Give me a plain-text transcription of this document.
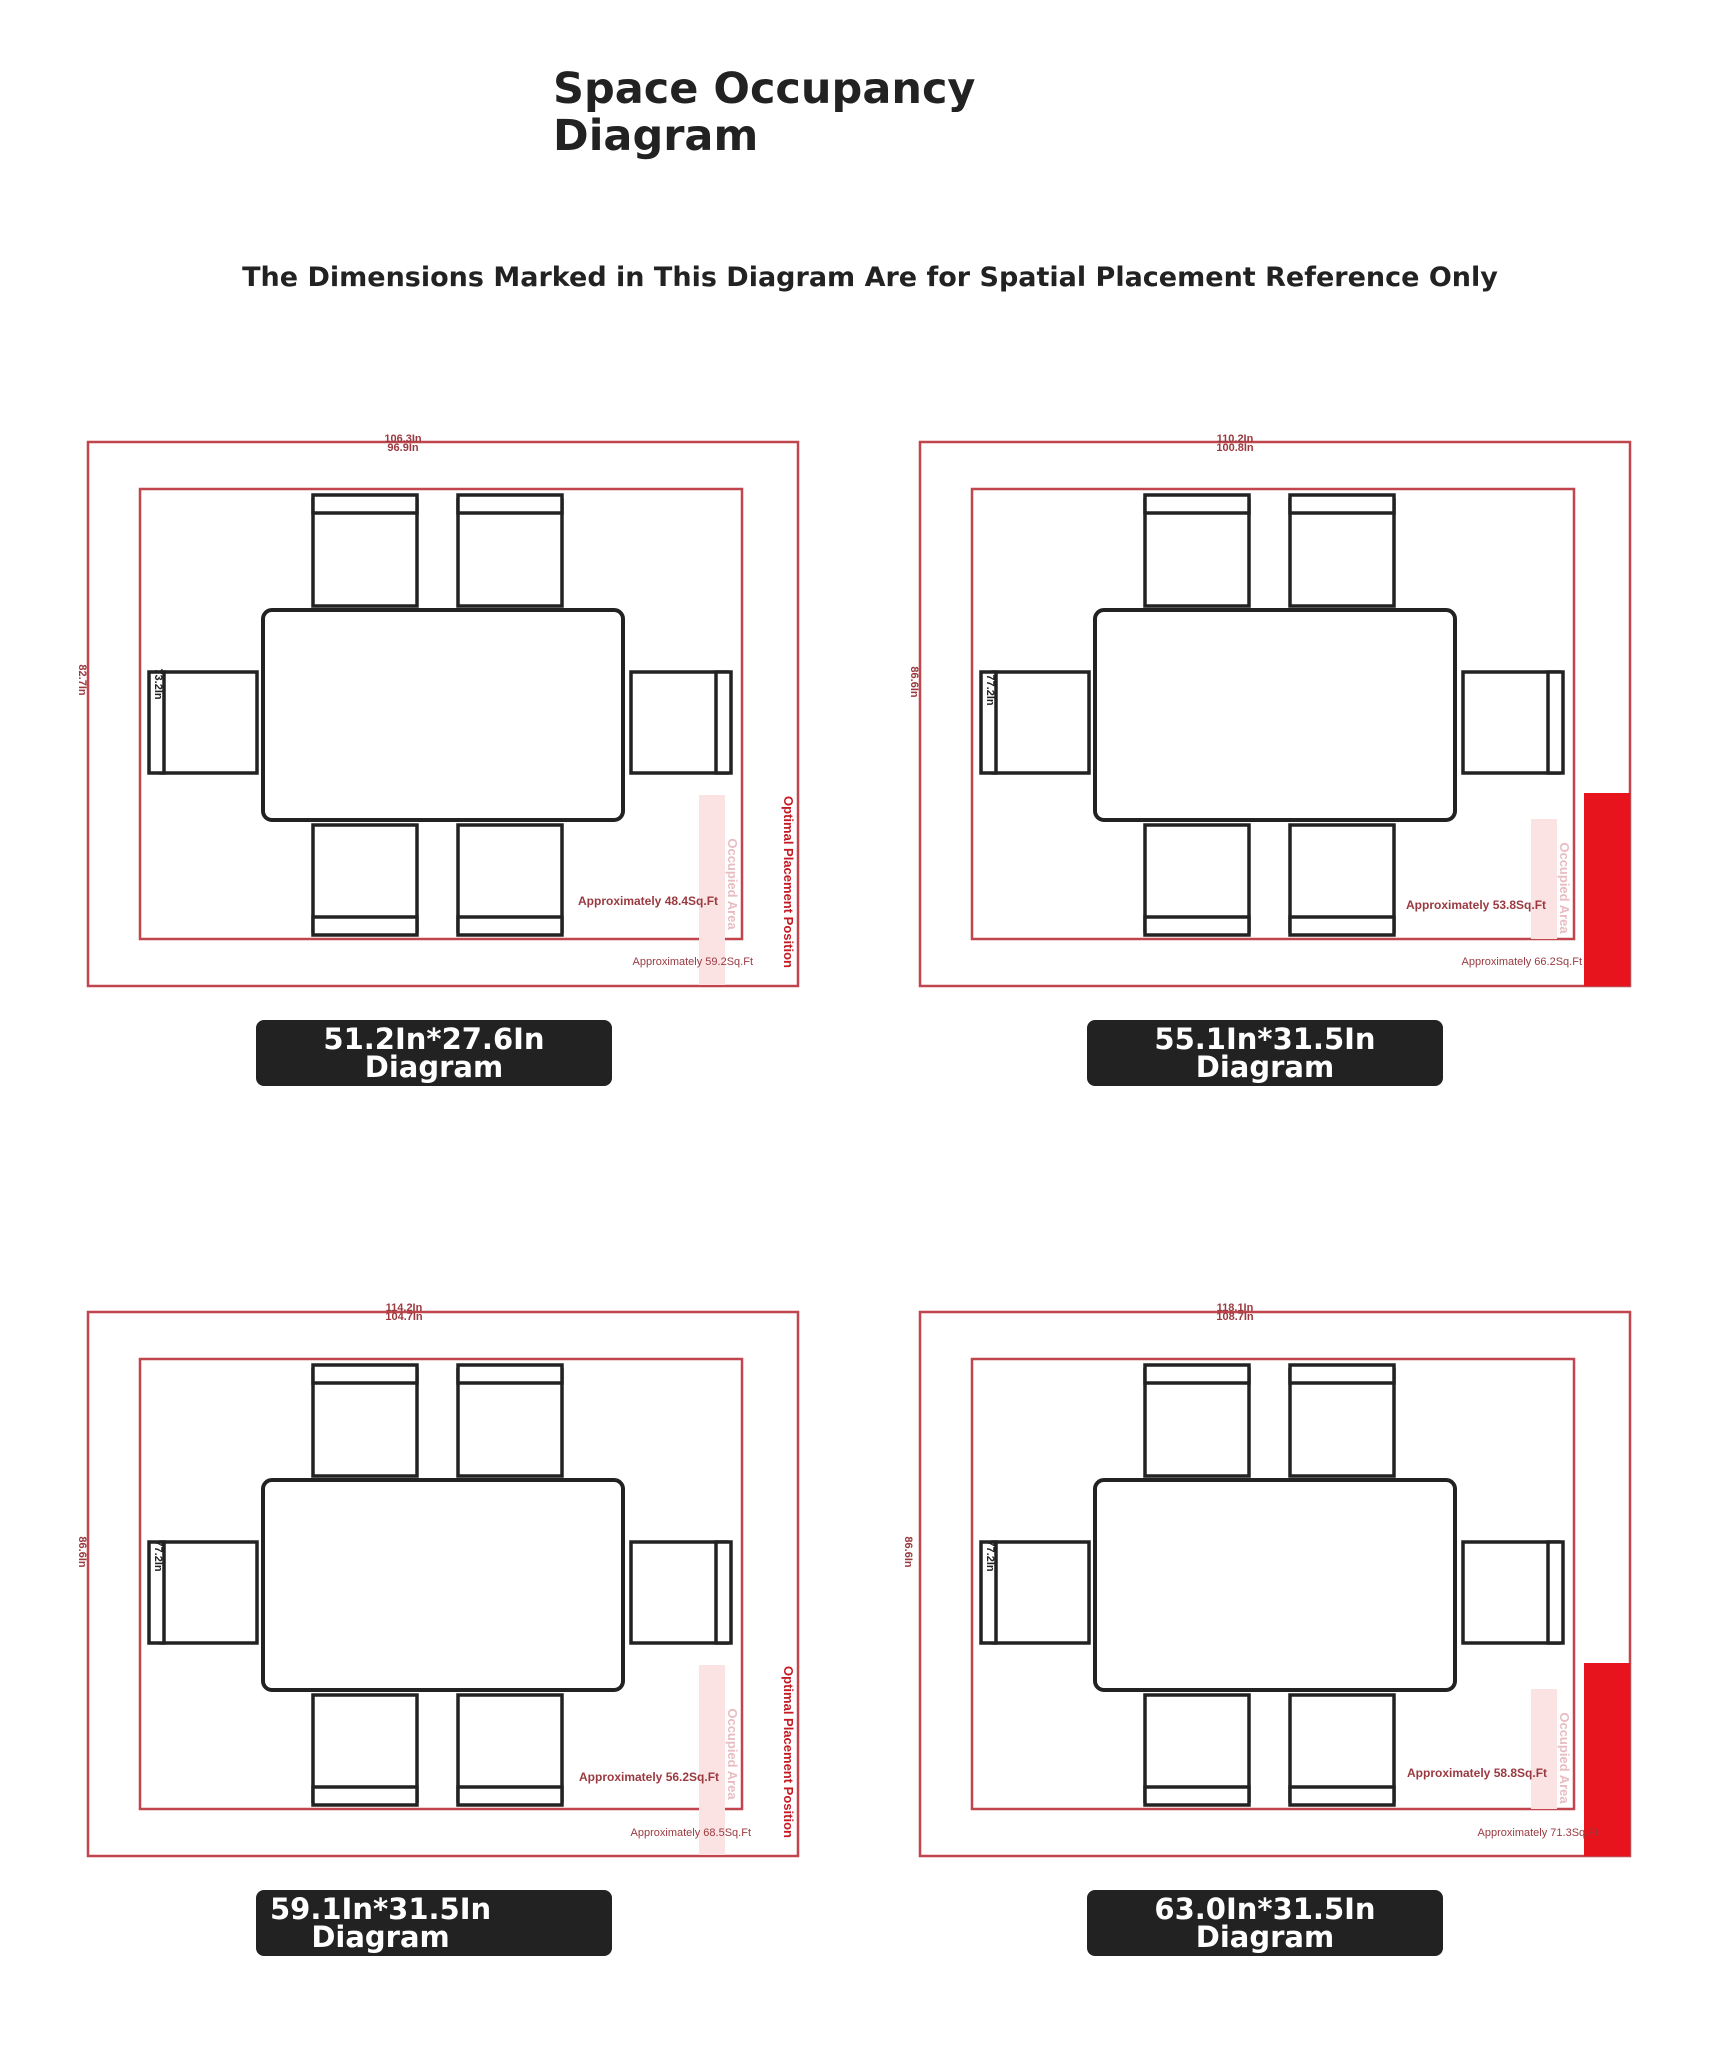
Space Occupancy
Diagram
The Dimensions Marked in This Diagram Are for Spatial Placement Reference Only
106.3In
96.9In
82.7In	73.2In
Approximately 48.4Sq.Ft
Approximately 59.2Sq.Ft
Occupied Area	Optimal Placement Position
51.2In*27.6In Diagram
110.2In
100.8In
86.6In	77.2In
Approximately 53.8Sq.Ft
Approximately 66.2Sq.Ft
Occupied Area
55.1In*31.5In Diagram
114.2In
104.7In
86.6In	77.2In
Approximately 56.2Sq.Ft
Approximately 68.5Sq.Ft
Occupied Area	Optimal Placement Position
59.1In*31.5In
Diagram
118.1In
108.7In
86.6In	77.2In
Approximately 58.8Sq.Ft
Approximately 71.3Sq.Ft
Occupied Area
63.0In*31.5In Diagram
